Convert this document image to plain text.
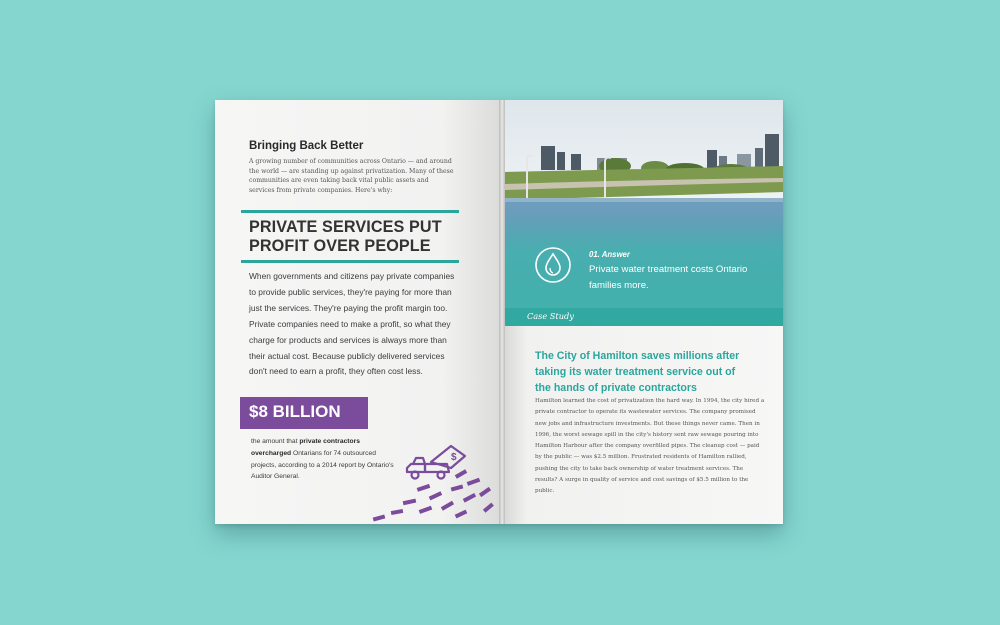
Bringing Back Better
A growing number of communities across Ontario — and around the world — are standing up against privatization. Many of these communities are even taking back vital public assets and services from private companies. Here's why:
PRIVATE SERVICES PUT PROFIT OVER PEOPLE
When governments and citizens pay private companies to provide public services, they're paying for more than just the services. They're paying the profit margin too. Private companies need to make a profit, so what they charge for products and services is always more than their actual cost. Because publicly delivered services don't need to earn a profit, they often cost less.
$8 BILLION
the amount that private contractors overcharged Ontarians for 74 outsourced projects, according to a 2014 report by Ontario's Auditor General.
$
01. Answer
Private water treatment costs Ontario families more.
Case Study
The City of Hamilton saves millions after taking its water treatment service out of the hands of private contractors
Hamilton learned the cost of privatization the hard way. In 1994, the city hired a private contractor to operate its wastewater services. The company promised new jobs and infrastructure investments. But these things never came. Then in 1996, the worst sewage spill in the city's history sent raw sewage pouring into Hamilton Harbour after the company overfilled pipes. The cleanup cost — paid by the public — was $2.5 million. Frustrated residents of Hamilton rallied, pushing the city to take back ownership of water treatment services. The results? A surge in quality of service and cost savings of $5.5 million to the public.
